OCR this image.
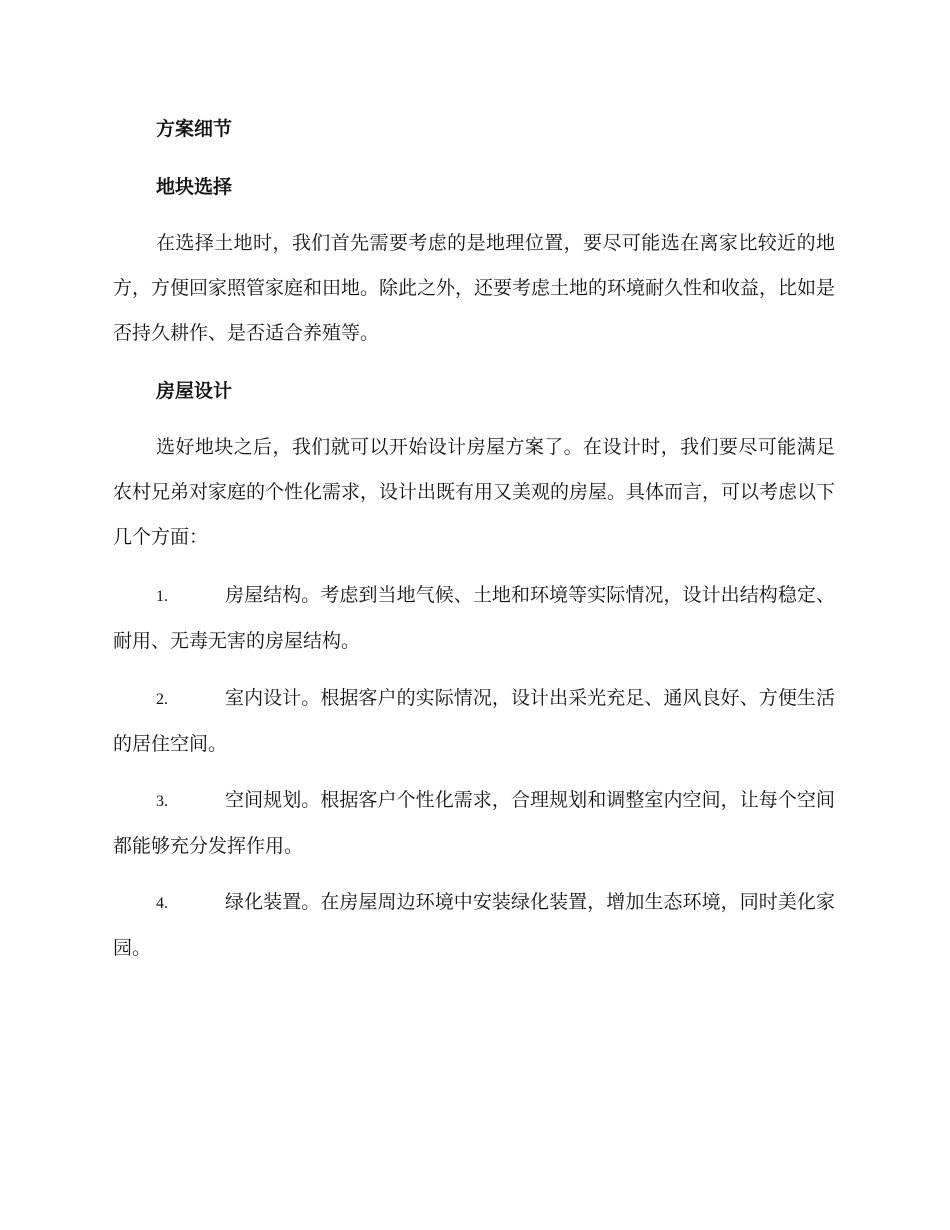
方案细节
地块选择
在选择土地时，我们首先需要考虑的是地理位置，要尽可能选在离家比较近的地方，方便回家照管家庭和田地。除此之外，还要考虑土地的环境耐久性和收益，比如是否持久耕作、是否适合养殖等。
房屋设计
选好地块之后，我们就可以开始设计房屋方案了。在设计时，我们要尽可能满足农村兄弟对家庭的个性化需求，设计出既有用又美观的房屋。具体而言，可以考虑以下几个方面：
1.	房屋结构。考虑到当地气候、土地和环境等实际情况，设计出结构稳定、耐用、无毒无害的房屋结构。
2.	室内设计。根据客户的实际情况，设计出采光充足、通风良好、方便生活的居住空间。
3.	空间规划。根据客户个性化需求，合理规划和调整室内空间，让每个空间都能够充分发挥作用。
4.	绿化装置。在房屋周边环境中安装绿化装置，增加生态环境，同时美化家园。
